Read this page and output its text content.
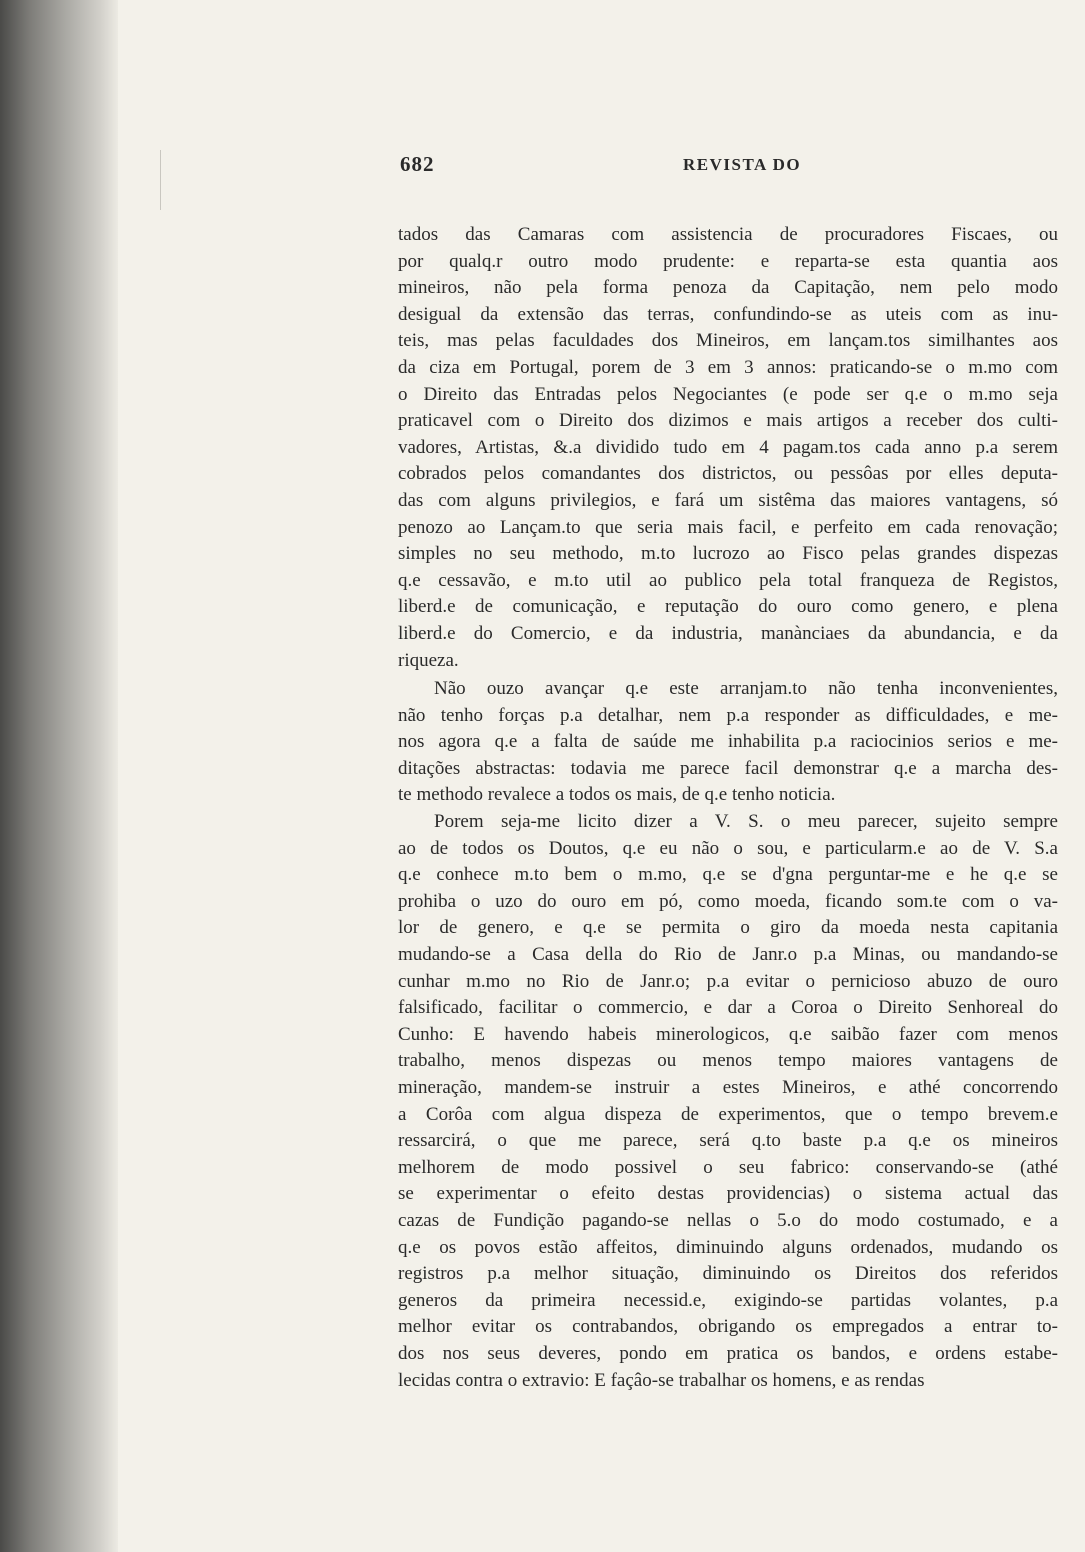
682	REVISTA DO
tados das Camaras com assistencia de procuradores Fiscaes, ou
por qualq.r outro modo prudente: e reparta-se esta quantia aos
mineiros, não pela forma penoza da Capitação, nem pelo modo
desigual da extensão das terras, confundindo-se as uteis com as inu-
teis, mas pelas faculdades dos Mineiros, em lançam.tos similhantes aos
da ciza em Portugal, porem de 3 em 3 annos: praticando-se o m.mo com
o Direito das Entradas pelos Negociantes (e pode ser q.e o m.mo seja
praticavel com o Direito dos dizimos e mais artigos a receber dos culti-
vadores, Artistas, &.a dividido tudo em 4 pagam.tos cada anno p.a serem
cobrados pelos comandantes dos districtos, ou pessôas por elles deputa-
das com alguns privilegios, e fará um sistêma das maiores vantagens, só
penozo ao Lançam.to que seria mais facil, e perfeito em cada renovação;
simples no seu methodo, m.to lucrozo ao Fisco pelas grandes dispezas
q.e cessavão, e m.to util ao publico pela total franqueza de Registos,
liberd.e de comunicação, e reputação do ouro como genero, e plena
liberd.e do Comercio, e da industria, manànciaes da abundancia, e da
riqueza.
Não ouzo avançar q.e este arranjam.to não tenha inconvenientes,
não tenho forças p.a detalhar, nem p.a responder as difficuldades, e me-
nos agora q.e a falta de saúde me inhabilita p.a raciocinios serios e me-
ditações abstractas: todavia me parece facil demonstrar q.e a marcha des-
te methodo revalece a todos os mais, de q.e tenho noticia.
Porem seja-me licito dizer a V. S. o meu parecer, sujeito sempre
ao de todos os Doutos, q.e eu não o sou, e particularm.e ao de V. S.a
q.e conhece m.to bem o m.mo, q.e se d'gna perguntar-me e he q.e se
prohiba o uzo do ouro em pó, como moeda, ficando som.te com o va-
lor de genero, e q.e se permita o giro da moeda nesta capitania
mudando-se a Casa della do Rio de Janr.o p.a Minas, ou mandando-se
cunhar m.mo no Rio de Janr.o; p.a evitar o pernicioso abuzo de ouro
falsificado, facilitar o commercio, e dar a Coroa o Direito Senhoreal do
Cunho: E havendo habeis minerologicos, q.e saibão fazer com menos
trabalho, menos dispezas ou menos tempo maiores vantagens de
mineração, mandem-se instruir a estes Mineiros, e athé concorrendo
a Corôa com algua dispeza de experimentos, que o tempo brevem.e
ressarcirá, o que me parece, será q.to baste p.a q.e os mineiros
melhorem de modo possivel o seu fabrico: conservando-se (athé
se experimentar o efeito destas providencias) o sistema actual das
cazas de Fundição pagando-se nellas o 5.o do modo costumado, e a
q.e os povos estão affeitos, diminuindo alguns ordenados, mudando os
registros p.a melhor situação, diminuindo os Direitos dos referidos
generos da primeira necessid.e, exigindo-se partidas volantes, p.a
melhor evitar os contrabandos, obrigando os empregados a entrar to-
dos nos seus deveres, pondo em pratica os bandos, e ordens estabe-
lecidas contra o extravio: E façâo-se trabalhar os homens, e as rendas
